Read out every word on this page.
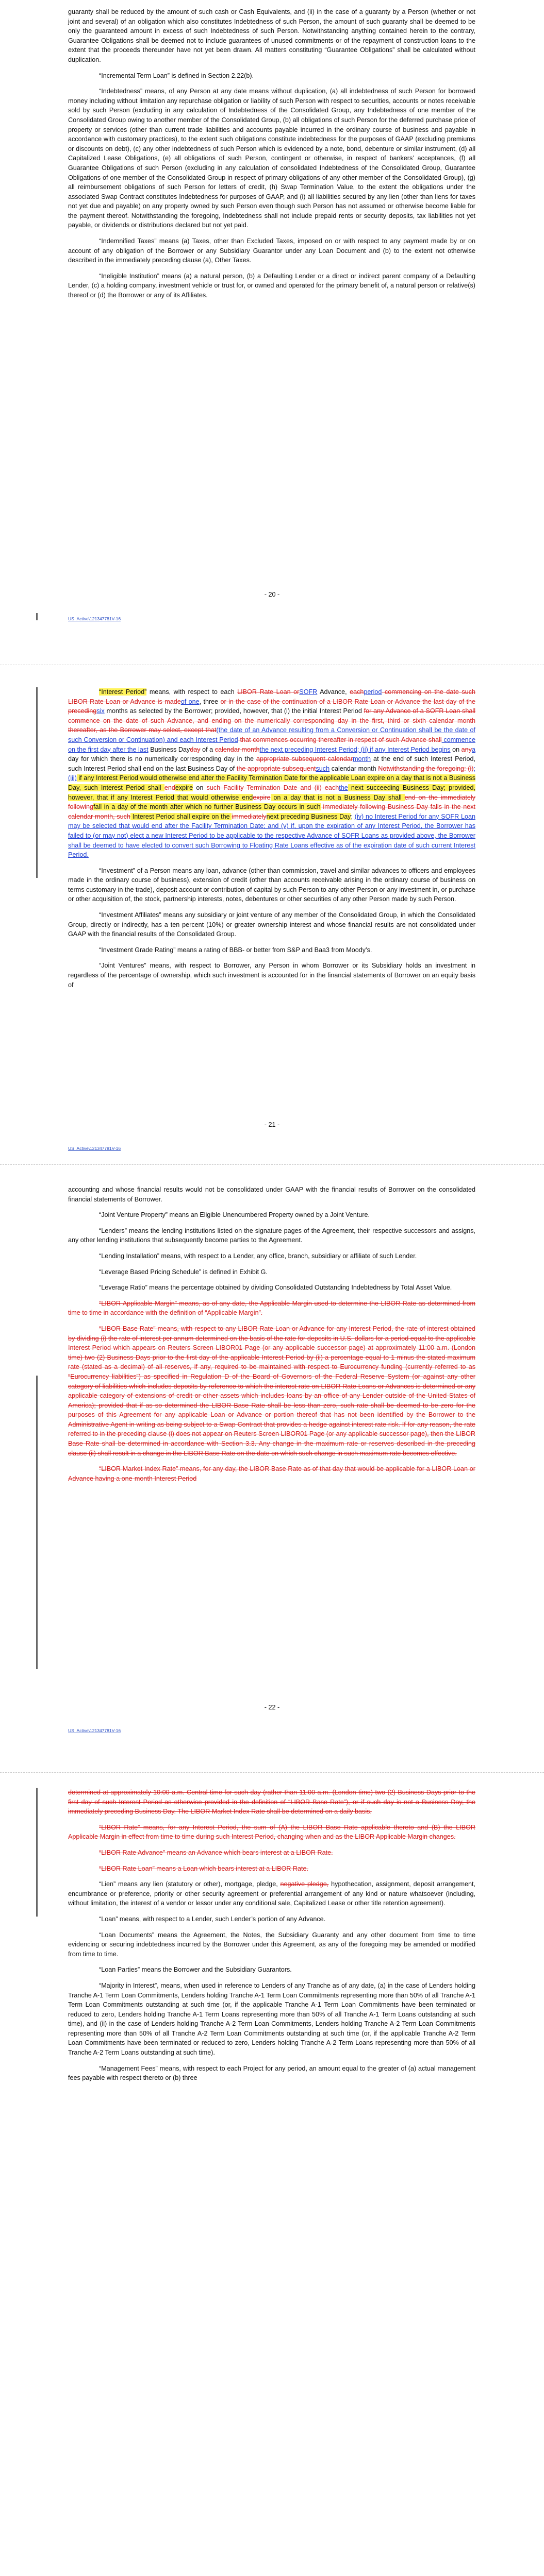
guaranty shall be reduced by the amount of such cash or Cash Equivalents, and (ii) in the case of a guaranty by a Person (whether or not joint and several) of an obligation which also constitutes Indebtedness of such Person, the amount of such guaranty shall be deemed to be only the guaranteed amount in excess of such Indebtedness of such Person. Notwithstanding anything contained herein to the contrary, Guarantee Obligations shall be deemed not to include guarantees of unused commitments or of the repayment of construction loans to the extent that the proceeds thereunder have not yet been drawn. All matters constituting “Guarantee Obligations” shall be calculated without duplication.

“Incremental Term Loan” is defined in Section 2.22(b).

“Indebtedness” means, of any Person at any date means without duplication, (a) all indebtedness of such Person for borrowed money including without limitation any repurchase obligation or liability of such Person with respect to securities, accounts or notes receivable sold by such Person (excluding in any calculation of Indebtedness of the Consolidated Group, any Indebtedness of one member of the Consolidated Group owing to another member of the Consolidated Group, (b) all obligations of such Person for the deferred purchase price of property or services (other than current trade liabilities and accounts payable incurred in the ordinary course of business and payable in accordance with customary practices), to the extent such obligations constitute indebtedness for the purposes of GAAP (excluding premiums or discounts on debt), (c) any other indebtedness of such Person which is evidenced by a note, bond, debenture or similar instrument, (d) all Capitalized Lease Obligations, (e) all obligations of such Person, contingent or otherwise, in respect of bankers’ acceptances, (f) all Guarantee Obligations of such Person (excluding in any calculation of consolidated Indebtedness of the Consolidated Group, Guarantee Obligations of one member of the Consolidated Group in respect of primary obligations of any other member of the Consolidated Group), (g) all reimbursement obligations of such Person for letters of credit, (h) Swap Termination Value, to the extent the obligations under the associated Swap Contract constitutes Indebtedness for purposes of GAAP, and (i) all liabilities secured by any lien (other than liens for taxes not yet due and payable) on any property owned by such Person even though such Person has not assumed or otherwise become liable for the payment thereof. Notwithstanding the foregoing, Indebtedness shall not include prepaid rents or security deposits, tax liabilities not yet payable, or dividends or distributions declared but not yet paid.

“Indemnified Taxes” means (a) Taxes, other than Excluded Taxes, imposed on or with respect to any payment made by or on account of any obligation of the Borrower or any Subsidiary Guarantor under any Loan Document and (b) to the extent not otherwise described in the immediately preceding clause (a), Other Taxes.

“Ineligible Institution” means (a) a natural person, (b) a Defaulting Lender or a direct or indirect parent company of a Defaulting Lender, (c) a holding company, investment vehicle or trust for, or owned and operated for the primary benefit of, a natural person or relative(s) thereof or (d) the Borrower or any of its Affiliates.

- 20 -
US_Active\121347781V-16

“Interest Period” means, with respect to each LIBOR Rate Loan orSOFR Advance, eachperiod commencing on the date such LIBOR Rate Loan or Advance is madeof one, three or in the case of the continuation of a LIBOR Rate Loan or Advance the last day of the precedingsix months as selected by the Borrower; provided, however, that (i) the initial Interest Period for any Advance of a SOFR Loan shall commence on the date of such Advance, and ending on the numerically corresponding day in the first, third or sixth calendar month thereafter, as the Borrower may select, except that(the date of an Advance resulting from a Conversion or Continuation shall be the date of such Conversion or Continuation) and each Interest Period that commences occurring thereafter in respect of such Advance shall commence on the first day after the last Business Dayday of a calendar monththe next preceding Interest Period; (ii) if any Interest Period begins on anya day for which there is no numerically corresponding day in the appropriate subsequent calendarmonth at the end of such Interest Period, such Interest Period shall end on the last Business Day of the appropriate subsequentsuch calendar month Notwithstanding the foregoing: (i); (iii) if any Interest Period would otherwise end after the Facility Termination Date for the applicable Loan expire on a day that is not a Business Day, such Interest Period shall endexpire on such Facility Termination Date and (ii) eachthe next succeeding Business Day; provided, however, that if any Interest Period that would otherwise endexpire on a day that is not a Business Day shall end on the immediately followingfall in a day of the month after which no further Business Day occurs in such immediately following Business Day falls in the next calendar month, such Interest Period shall expire on the immediatelynext preceding Business Day; (iv) no Interest Period for any SOFR Loan may be selected that would end after the Facility Termination Date; and (v) if, upon the expiration of any Interest Period, the Borrower has failed to (or may not) elect a new Interest Period to be applicable to the respective Advance of SOFR Loans as provided above, the Borrower shall be deemed to have elected to convert such Borrowing to Floating Rate Loans effective as of the expiration date of such current Interest Period.

“Investment” of a Person means any loan, advance (other than commission, travel and similar advances to officers and employees made in the ordinary course of business), extension of credit (other than accounts receivable arising in the ordinary course of business on terms customary in the trade), deposit account or contribution of capital by such Person to any other Person or any investment in, or purchase or other acquisition of, the stock, partnership interests, notes, debentures or other securities of any other Person made by such Person.

“Investment Affiliates” means any subsidiary or joint venture of any member of the Consolidated Group, in which the Consolidated Group, directly or indirectly, has a ten percent (10%) or greater ownership interest and whose financial results are not consolidated under GAAP with the financial results of the Consolidated Group.

“Investment Grade Rating” means a rating of BBB- or better from S&P and Baa3 from Moody’s.

“Joint Ventures” means, with respect to Borrower, any Person in whom Borrower or its Subsidiary holds an investment in regardless of the percentage of ownership, which such investment is accounted for in the financial statements of Borrower on an equity basis of

- 21 -
US_Active\121347781V-16

accounting and whose financial results would not be consolidated under GAAP with the financial results of Borrower on the consolidated financial statements of Borrower.

“Joint Venture Property” means an Eligible Unencumbered Property owned by a Joint Venture.

“Lenders” means the lending institutions listed on the signature pages of the Agreement, their respective successors and assigns, any other lending institutions that subsequently become parties to the Agreement.

“Lending Installation” means, with respect to a Lender, any office, branch, subsidiary or affiliate of such Lender.

“Leverage Based Pricing Schedule” is defined in Exhibit G.

“Leverage Ratio” means the percentage obtained by dividing Consolidated Outstanding Indebtedness by Total Asset Value.

“LIBOR Applicable Margin” means, as of any date, the Applicable Margin used to determine the LIBOR Rate as determined from time to time in accordance with the definition of “Applicable Margin”.

“LIBOR Base Rate” means, with respect to any LIBOR Rate Loan or Advance for any Interest Period, the rate of interest obtained by dividing (i) the rate of interest per annum determined on the basis of the rate for deposits in U.S. dollars for a period equal to the applicable Interest Period which appears on Reuters Screen LIBOR01 Page (or any applicable successor page) at approximately 11:00 a.m. (London time) two (2) Business Days prior to the first day of the applicable Interest Period by (ii) a percentage equal to 1 minus the stated maximum rate (stated as a decimal) of all reserves, if any, required to be maintained with respect to Eurocurrency funding (currently referred to as “Eurocurrency liabilities”) as specified in Regulation D of the Board of Governors of the Federal Reserve System (or against any other category of liabilities which includes deposits by reference to which the interest rate on LIBOR Rate Loans or Advances is determined or any applicable category of extensions of credit or other assets which includes loans by an office of any Lender outside of the United States of America); provided that if as so determined the LIBOR Base Rate shall be less than zero, such rate shall be deemed to be zero for the purposes of this Agreement for any applicable Loan or Advance or portion thereof that has not been identified by the Borrower to the Administrative Agent in writing as being subject to a Swap Contract that provides a hedge against interest rate risk. If for any reason, the rate referred to in the preceding clause (i) does not appear on Reuters Screen LIBOR01 Page (or any applicable successor page), then the LIBOR Base Rate shall be determined in accordance with Section 3.3. Any change in the maximum rate or reserves described in the preceding clause (ii) shall result in a change in the LIBOR Base Rate on the date on which such change in such maximum rate becomes effective.

“LIBOR Market Index Rate” means, for any day, the LIBOR Base Rate as of that day that would be applicable for a LIBOR Loan or Advance having a one-month Interest Period

- 22 -
US_Active\121347781V-16

determined at approximately 10:00 a.m. Central time for such day (rather than 11:00 a.m. (London time) two (2) Business Days prior to the first day of such Interest Period as otherwise provided in the definition of “LIBOR Base Rate”), or if such day is not a Business Day, the immediately preceding Business Day. The LIBOR Market Index Rate shall be determined on a daily basis.

“LIBOR Rate” means, for any Interest Period, the sum of (A) the LIBOR Base Rate applicable thereto and (B) the LIBOR Applicable Margin in effect from time to time during such Interest Period, changing when and as the LIBOR Applicable Margin changes.

“LIBOR Rate Advance” means an Advance which bears interest at a LIBOR Rate.

“LIBOR Rate Loan” means a Loan which bears interest at a LIBOR Rate.

“Lien” means any lien (statutory or other), mortgage, pledge, negative pledge, hypothecation, assignment, deposit arrangement, encumbrance or preference, priority or other security agreement or preferential arrangement of any kind or nature whatsoever (including, without limitation, the interest of a vendor or lessor under any conditional sale, Capitalized Lease or other title retention agreement).

“Loan” means, with respect to a Lender, such Lender’s portion of any Advance.

“Loan Documents” means the Agreement, the Notes, the Subsidiary Guaranty and any other document from time to time evidencing or securing indebtedness incurred by the Borrower under this Agreement, as any of the foregoing may be amended or modified from time to time.

“Loan Parties” means the Borrower and the Subsidiary Guarantors.

“Majority in Interest”, means, when used in reference to Lenders of any Tranche as of any date, (a) in the case of Lenders holding Tranche A-1 Term Loan Commitments, Lenders holding Tranche A-1 Term Loan Commitments representing more than 50% of all Tranche A-1 Term Loan Commitments outstanding at such time (or, if the applicable Tranche A-1 Term Loan Commitments have been terminated or reduced to zero, Lenders holding Tranche A-1 Term Loans representing more than 50% of all Tranche A-1 Term Loans outstanding at such time), and (ii) in the case of Lenders holding Tranche A-2 Term Loan Commitments, Lenders holding Tranche A-2 Term Loan Commitments representing more than 50% of all Tranche A-2 Term Loan Commitments outstanding at such time (or, if the applicable Tranche A-2 Term Loan Commitments have been terminated or reduced to zero, Lenders holding Tranche A-2 Term Loans representing more than 50% of all Tranche A-2 Term Loans outstanding at such time).

“Management Fees” means, with respect to each Project for any period, an amount equal to the greater of (a) actual management fees payable with respect thereto or (b) three
